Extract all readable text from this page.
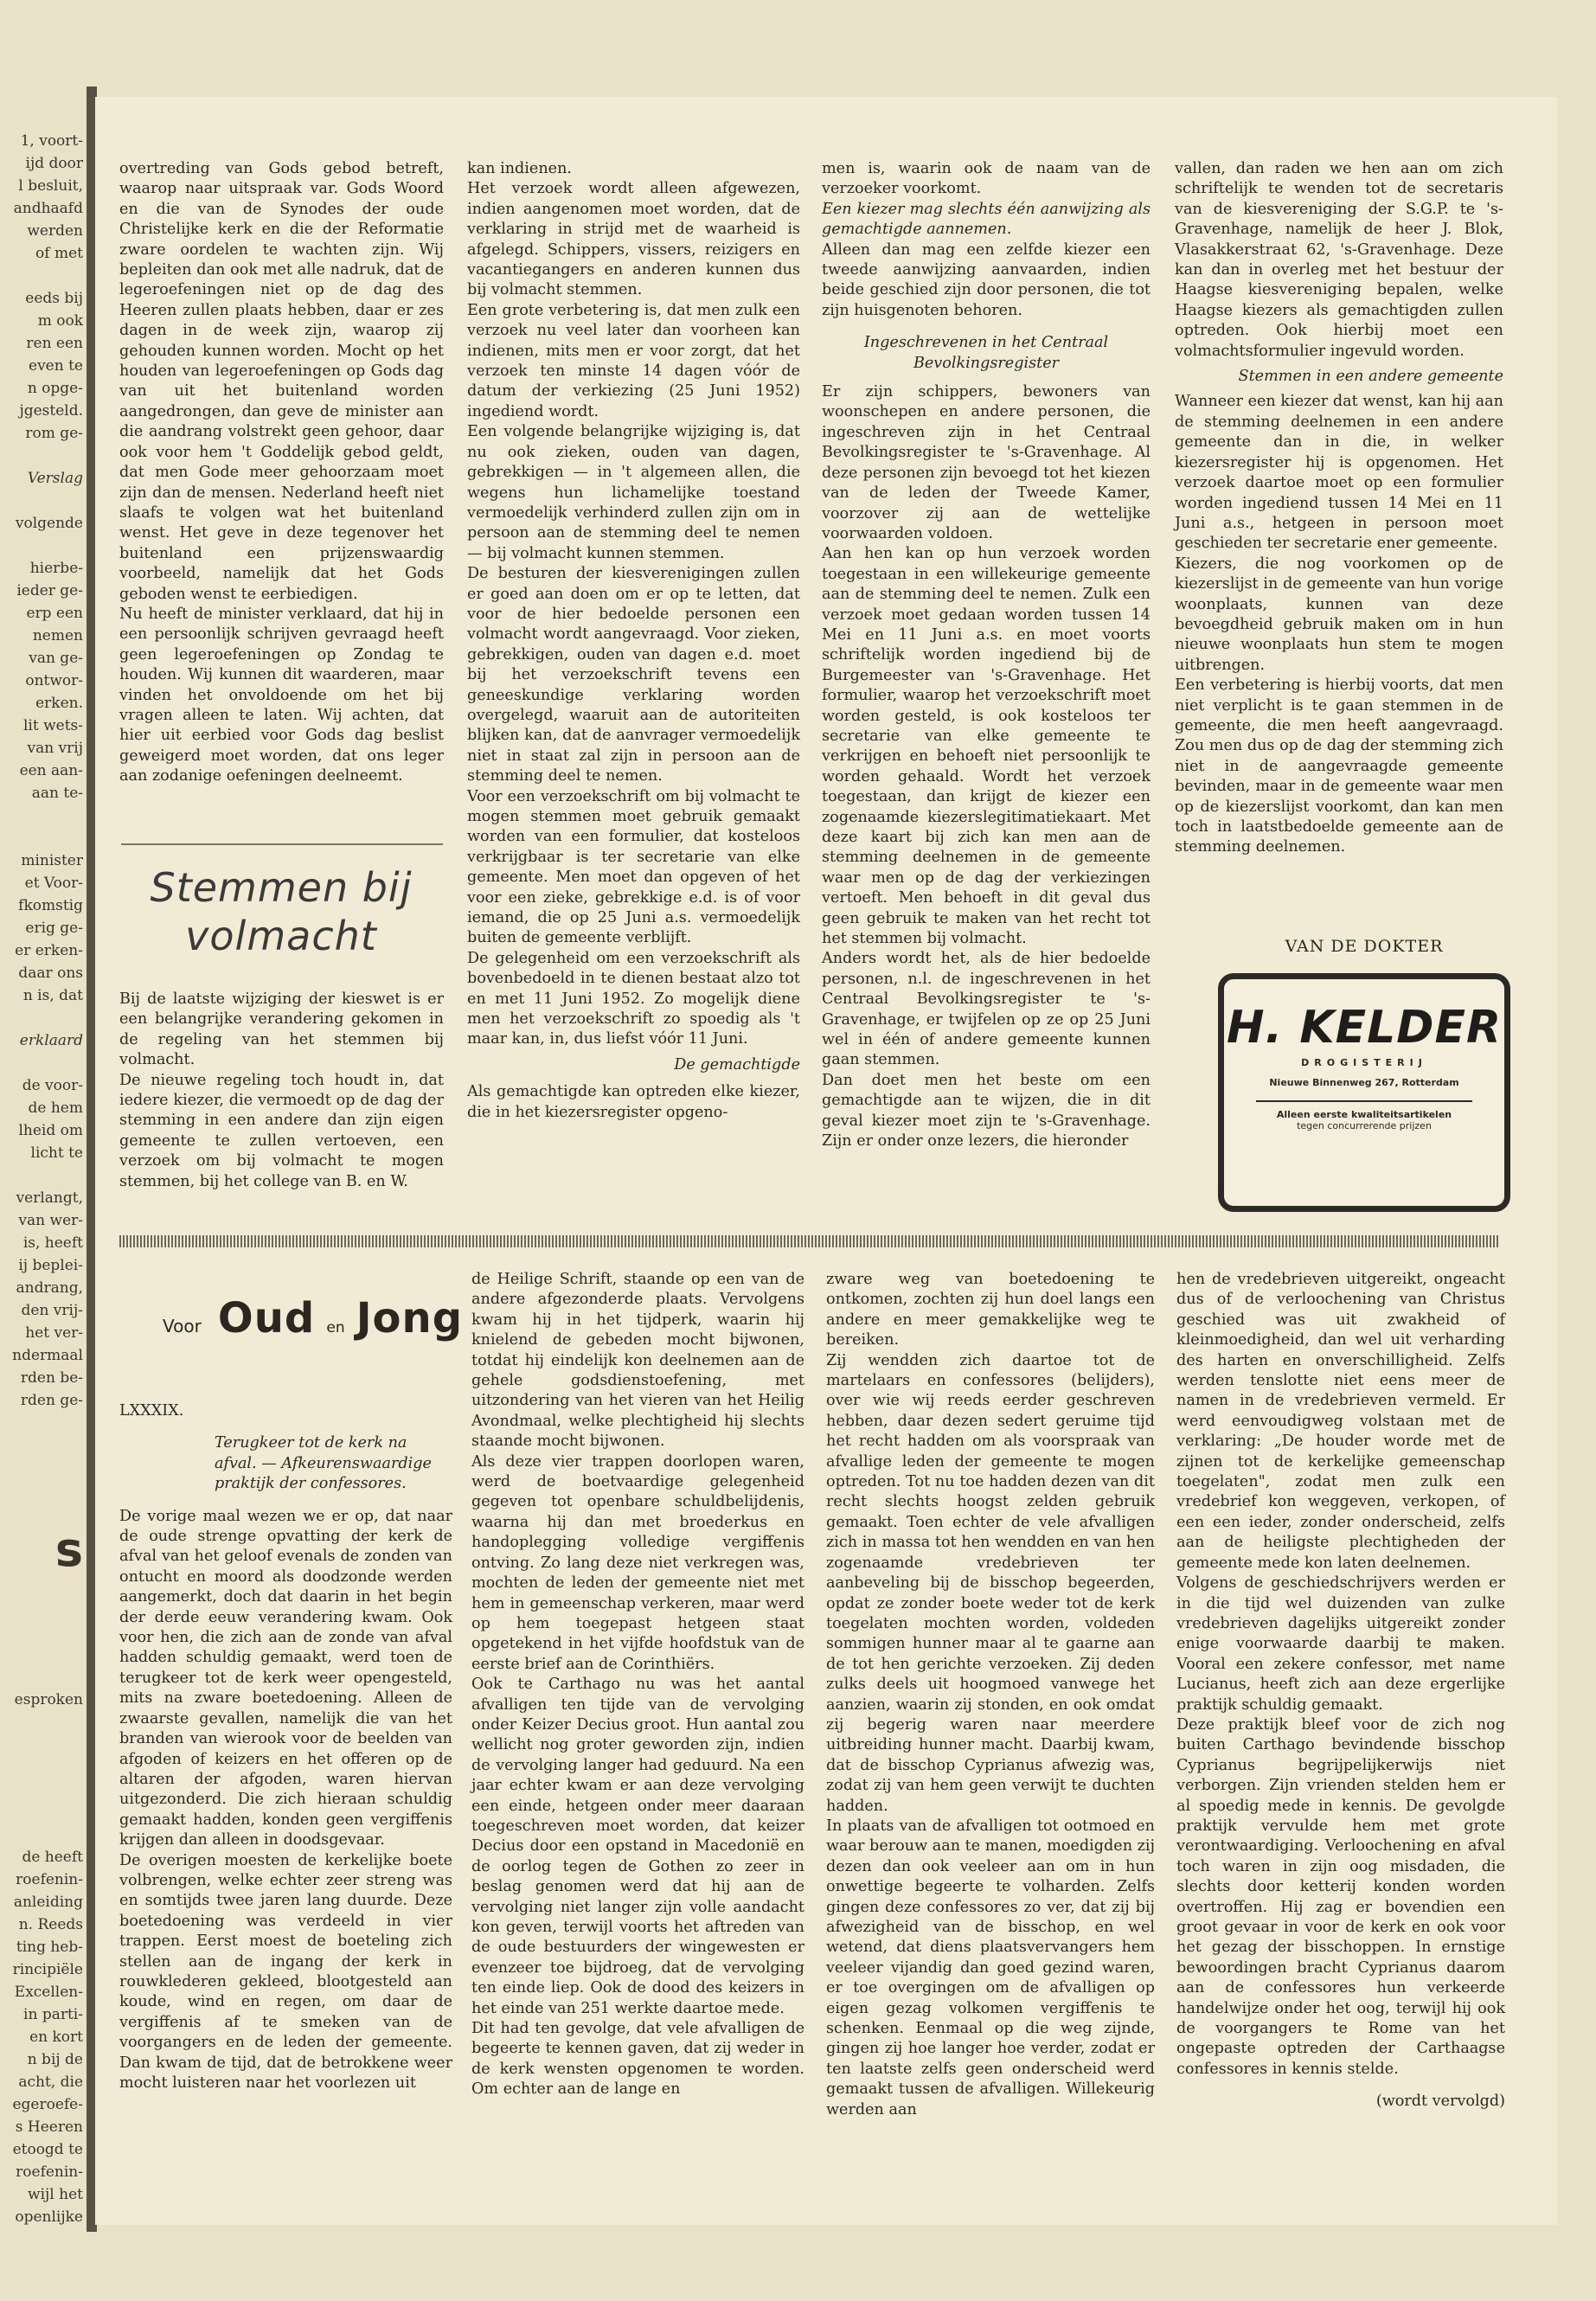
1, voort-
ijd door
l besluit,
andhaafd
werden
of met

eeds bij
m ook
ren een
even te
n opge-
jgesteld.
rom ge-

Verslag

volgende

hierbe-
ieder ge-
erp een
nemen
van ge-
ontwor-
erken.
lit wets-
van vrij
een aan-
aan te-

minister
et Voor-
fkomstig
erig ge-
er erken-
daar ons
n is, dat

erklaard

de voor-
de hem
lheid om
licht te

verlangt,
van wer-
is, heeft
ij beplei-
andrang,
den vrij-
het ver-
ndermaal
rden be-
rden ge-

s

esproken

de heeft
roefenin-
anleiding
n. Reeds
ting heb-
rincipiële
Excellen-
in parti-
en kort
n bij de
acht, die
egeroefe-
s Heeren
etoogd te
roefenin-
wijl het
openlijke

overtreding van Gods gebod betreft, waarop naar uitspraak var. Gods Woord en die van de Synodes der oude Christelijke kerk en die der Reformatie zware oordelen te wachten zijn. Wij bepleiten dan ook met alle nadruk, dat de legeroefeningen niet op de dag des Heeren zullen plaats hebben, daar er zes dagen in de week zijn, waarop zij gehouden kunnen worden. Mocht op het houden van legeroefeningen op Gods dag van uit het buitenland worden aangedrongen, dan geve de minister aan die aandrang volstrekt geen gehoor, daar ook voor hem 't Goddelijk gebod geldt, dat men Gode meer gehoorzaam moet zijn dan de mensen. Nederland heeft niet slaafs te volgen wat het buitenland wenst. Het geve in deze tegenover het buitenland een prijzenswaardig voorbeeld, namelijk dat het Gods geboden wenst te eerbiedigen.

Nu heeft de minister verklaard, dat hij in een persoonlijk schrijven gevraagd heeft geen legeroefeningen op Zondag te houden. Wij kunnen dit waarderen, maar vinden het onvoldoende om het bij vragen alleen te laten. Wij achten, dat hier uit eerbied voor Gods dag beslist geweigerd moet worden, dat ons leger aan zodanige oefeningen deelneemt.

Stemmen bij
volmacht

Bij de laatste wijziging der kieswet is er een belangrijke verandering gekomen in de regeling van het stemmen bij volmacht.

De nieuwe regeling toch houdt in, dat iedere kiezer, die vermoedt op de dag der stemming in een andere dan zijn eigen gemeente te zullen vertoeven, een verzoek om bij volmacht te mogen stemmen, bij het college van B. en W.

kan indienen.

Het verzoek wordt alleen afgewezen, indien aangenomen moet worden, dat de verklaring in strijd met de waarheid is afgelegd. Schippers, vissers, reizigers en vacantiegangers en anderen kunnen dus bij volmacht stemmen.

Een grote verbetering is, dat men zulk een verzoek nu veel later dan voorheen kan indienen, mits men er voor zorgt, dat het verzoek ten minste 14 dagen vóór de datum der verkiezing (25 Juni 1952) ingediend wordt.

Een volgende belangrijke wijziging is, dat nu ook zieken, ouden van dagen, gebrekkigen — in 't algemeen allen, die wegens hun lichamelijke toestand vermoedelijk verhinderd zullen zijn om in persoon aan de stemming deel te nemen — bij volmacht kunnen stemmen.

De besturen der kiesverenigingen zullen er goed aan doen om er op te letten, dat voor de hier bedoelde personen een volmacht wordt aangevraagd. Voor zieken, gebrekkigen, ouden van dagen e.d. moet bij het verzoekschrift tevens een geneeskundige verklaring worden overgelegd, waaruit aan de autoriteiten blijken kan, dat de aanvrager vermoedelijk niet in staat zal zijn in persoon aan de stemming deel te nemen.

Voor een verzoekschrift om bij volmacht te mogen stemmen moet gebruik gemaakt worden van een formulier, dat kosteloos verkrijgbaar is ter secretarie van elke gemeente. Men moet dan opgeven of het voor een zieke, gebrekkige e.d. is of voor iemand, die op 25 Juni a.s. vermoedelijk buiten de gemeente verblijft.

De gelegenheid om een verzoekschrift als bovenbedoeld in te dienen bestaat alzo tot en met 11 Juni 1952. Zo mogelijk diene men het verzoekschrift zo spoedig als 't maar kan, in, dus liefst vóór 11 Juni.

De gemachtigde

Als gemachtigde kan optreden elke kiezer, die in het kiezersregister opgeno-

men is, waarin ook de naam van de verzoeker voorkomt.

Een kiezer mag slechts één aanwijzing als gemachtigde aannemen.

Alleen dan mag een zelfde kiezer een tweede aanwijzing aanvaarden, indien beide geschied zijn door personen, die tot zijn huisgenoten behoren.

Ingeschrevenen in het Centraal Bevolkingsregister

Er zijn schippers, bewoners van woonschepen en andere personen, die ingeschreven zijn in het Centraal Bevolkingsregister te 's-Gravenhage. Al deze personen zijn bevoegd tot het kiezen van de leden der Tweede Kamer, voorzover zij aan de wettelijke voorwaarden voldoen.

Aan hen kan op hun verzoek worden toegestaan in een willekeurige gemeente aan de stemming deel te nemen. Zulk een verzoek moet gedaan worden tussen 14 Mei en 11 Juni a.s. en moet voorts schriftelijk worden ingediend bij de Burgemeester van 's-Gravenhage. Het formulier, waarop het verzoekschrift moet worden gesteld, is ook kosteloos ter secretarie van elke gemeente te verkrijgen en behoeft niet persoonlijk te worden gehaald. Wordt het verzoek toegestaan, dan krijgt de kiezer een zogenaamde kiezerslegitimatiekaart. Met deze kaart bij zich kan men aan de stemming deelnemen in de gemeente waar men op de dag der verkiezingen vertoeft. Men behoeft in dit geval dus geen gebruik te maken van het recht tot het stemmen bij volmacht.

Anders wordt het, als de hier bedoelde personen, n.l. de ingeschrevenen in het Centraal Bevolkingsregister te 's-Gravenhage, er twijfelen op ze op 25 Juni wel in één of andere gemeente kunnen gaan stemmen.

Dan doet men het beste om een gemachtigde aan te wijzen, die in dit geval kiezer moet zijn te 's-Gravenhage. Zijn er onder onze lezers, die hieronder

vallen, dan raden we hen aan om zich schriftelijk te wenden tot de secretaris van de kiesvereniging der S.G.P. te 's-Gravenhage, namelijk de heer J. Blok, Vlasakkerstraat 62, 's-Gravenhage. Deze kan dan in overleg met het bestuur der Haagse kiesvereniging bepalen, welke Haagse kiezers als gemachtigden zullen optreden. Ook hierbij moet een volmachtsformulier ingevuld worden.

Stemmen in een andere gemeente

Wanneer een kiezer dat wenst, kan hij aan de stemming deelnemen in een andere gemeente dan in die, in welker kiezersregister hij is opgenomen. Het verzoek daartoe moet op een formulier worden ingediend tussen 14 Mei en 11 Juni a.s., hetgeen in persoon moet geschieden ter secretarie ener gemeente.

Kiezers, die nog voorkomen op de kiezerslijst in de gemeente van hun vorige woonplaats, kunnen van deze bevoegdheid gebruik maken om in hun nieuwe woonplaats hun stem te mogen uitbrengen.

Een verbetering is hierbij voorts, dat men niet verplicht is te gaan stemmen in de gemeente, die men heeft aangevraagd. Zou men dus op de dag der stemming zich niet in de aangevraagde gemeente bevinden, maar in de gemeente waar men op de kiezerslijst voorkomt, dan kan men toch in laatstbedoelde gemeente aan de stemming deelnemen.

VAN DE DOKTER
H. KELDER
DROGISTERIJ
Nieuwe Binnenweg 267, Rotterdam
Alleen eerste kwaliteitsartikelen
tegen concurrerende prijzen
Voor Oud en Jong

LXXXIX.

Terugkeer tot de kerk na afval. — Afkeurenswaardige praktijk der confessores.

De vorige maal wezen we er op, dat naar de oude strenge opvatting der kerk de afval van het geloof evenals de zonden van ontucht en moord als doodzonde werden aangemerkt, doch dat daarin in het begin der derde eeuw verandering kwam. Ook voor hen, die zich aan de zonde van afval hadden schuldig gemaakt, werd toen de terugkeer tot de kerk weer opengesteld, mits na zware boetedoening. Alleen de zwaarste gevallen, namelijk die van het branden van wierook voor de beelden van afgoden of keizers en het offeren op de altaren der afgoden, waren hiervan uitgezonderd. Die zich hieraan schuldig gemaakt hadden, konden geen vergiffenis krijgen dan alleen in doodsgevaar.

De overigen moesten de kerkelijke boete volbrengen, welke echter zeer streng was en somtijds twee jaren lang duurde. Deze boetedoening was verdeeld in vier trappen. Eerst moest de boeteling zich stellen aan de ingang der kerk in rouwklederen gekleed, blootgesteld aan koude, wind en regen, om daar de vergiffenis af te smeken van de voorgangers en de leden der gemeente. Dan kwam de tijd, dat de betrokkene weer mocht luisteren naar het voorlezen uit

de Heilige Schrift, staande op een van de andere afgezonderde plaats. Vervolgens kwam hij in het tijdperk, waarin hij knielend de gebeden mocht bijwonen, totdat hij eindelijk kon deelnemen aan de gehele godsdienstoefening, met uitzondering van het vieren van het Heilig Avondmaal, welke plechtigheid hij slechts staande mocht bijwonen.

Als deze vier trappen doorlopen waren, werd de boetvaardige gelegenheid gegeven tot openbare schuldbelijdenis, waarna hij dan met broederkus en handoplegging volledige vergiffenis ontving. Zo lang deze niet verkregen was, mochten de leden der gemeente niet met hem in gemeenschap verkeren, maar werd op hem toegepast hetgeen staat opgetekend in het vijfde hoofdstuk van de eerste brief aan de Corinthiërs.

Ook te Carthago nu was het aantal afvalligen ten tijde van de vervolging onder Keizer Decius groot. Hun aantal zou wellicht nog groter geworden zijn, indien de vervolging langer had geduurd. Na een jaar echter kwam er aan deze vervolging een einde, hetgeen onder meer daaraan toegeschreven moet worden, dat keizer Decius door een opstand in Macedonië en de oorlog tegen de Gothen zo zeer in beslag genomen werd dat hij aan de vervolging niet langer zijn volle aandacht kon geven, terwijl voorts het aftreden van de oude bestuurders der wingewesten er evenzeer toe bijdroeg, dat de vervolging ten einde liep. Ook de dood des keizers in het einde van 251 werkte daartoe mede.

Dit had ten gevolge, dat vele afvalligen de begeerte te kennen gaven, dat zij weder in de kerk wensten opgenomen te worden. Om echter aan de lange en

zware weg van boetedoening te ontkomen, zochten zij hun doel langs een andere en meer gemakkelijke weg te bereiken.

Zij wendden zich daartoe tot de martelaars en confessores (belijders), over wie wij reeds eerder geschreven hebben, daar dezen sedert geruime tijd het recht hadden om als voorspraak van afvallige leden der gemeente te mogen optreden. Tot nu toe hadden dezen van dit recht slechts hoogst zelden gebruik gemaakt. Toen echter de vele afvalligen zich in massa tot hen wendden en van hen zogenaamde vredebrieven ter aanbeveling bij de bisschop begeerden, opdat ze zonder boete weder tot de kerk toegelaten mochten worden, voldeden sommigen hunner maar al te gaarne aan de tot hen gerichte verzoeken. Zij deden zulks deels uit hoogmoed vanwege het aanzien, waarin zij stonden, en ook omdat zij begerig waren naar meerdere uitbreiding hunner macht. Daarbij kwam, dat de bisschop Cyprianus afwezig was, zodat zij van hem geen verwijt te duchten hadden.

In plaats van de afvalligen tot ootmoed en waar berouw aan te manen, moedigden zij dezen dan ook veeleer aan om in hun onwettige begeerte te volharden. Zelfs gingen deze confessores zo ver, dat zij bij afwezigheid van de bisschop, en wel wetend, dat diens plaatsvervangers hem veeleer vijandig dan goed gezind waren, er toe overgingen om de afvalligen op eigen gezag volkomen vergiffenis te schenken. Eenmaal op die weg zijnde, gingen zij hoe langer hoe verder, zodat er ten laatste zelfs geen onderscheid werd gemaakt tussen de afvalligen. Willekeurig werden aan

hen de vredebrieven uitgereikt, ongeacht dus of de verloochening van Christus geschied was uit zwakheid of kleinmoedigheid, dan wel uit verharding des harten en onverschilligheid. Zelfs werden tenslotte niet eens meer de namen in de vredebrieven vermeld. Er werd eenvoudigweg volstaan met de verklaring: „De houder worde met de zijnen tot de kerkelijke gemeenschap toegelaten", zodat men zulk een vredebrief kon weggeven, verkopen, of een een ieder, zonder onderscheid, zelfs aan de heiligste plechtigheden der gemeente mede kon laten deelnemen.

Volgens de geschiedschrijvers werden er in die tijd wel duizenden van zulke vredebrieven dagelijks uitgereikt zonder enige voorwaarde daarbij te maken. Vooral een zekere confessor, met name Lucianus, heeft zich aan deze ergerlijke praktijk schuldig gemaakt.

Deze praktijk bleef voor de zich nog buiten Carthago bevindende bisschop Cyprianus begrijpelijkerwijs niet verborgen. Zijn vrienden stelden hem er al spoedig mede in kennis. De gevolgde praktijk vervulde hem met grote verontwaardiging. Verloochening en afval toch waren in zijn oog misdaden, die slechts door ketterij konden worden overtroffen. Hij zag er bovendien een groot gevaar in voor de kerk en ook voor het gezag der bisschoppen. In ernstige bewoordingen bracht Cyprianus daarom aan de confessores hun verkeerde handelwijze onder het oog, terwijl hij ook de voorgangers te Rome van het ongepaste optreden der Carthaagse confessores in kennis stelde.

(wordt vervolgd)
